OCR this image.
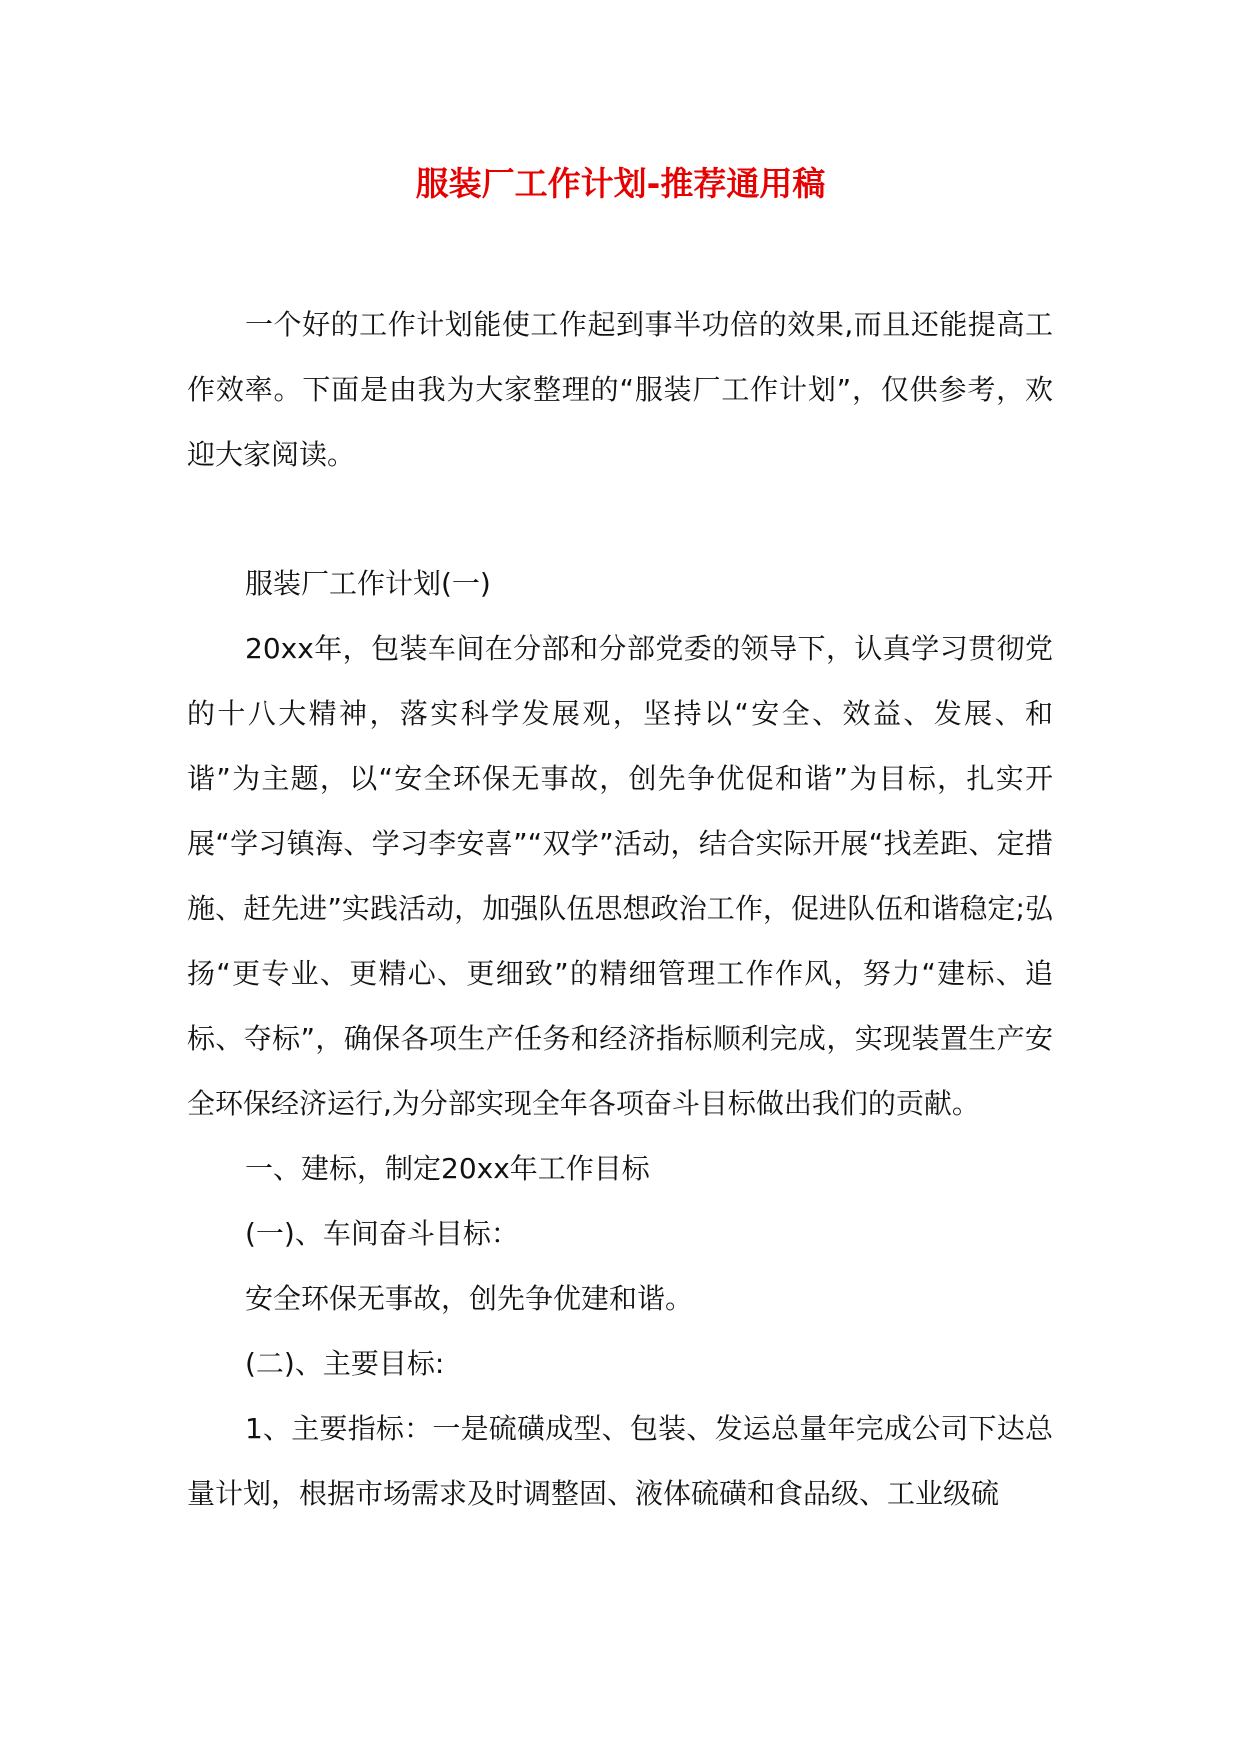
服装厂工作计划-推荐通用稿

一个好的工作计划能使工作起到事半功倍的效果,而且还能提高工作效率。下面是由我为大家整理的“服装厂工作计划”，仅供参考，欢迎大家阅读。

服装厂工作计划(一)

20xx年，包装车间在分部和分部党委的领导下，认真学习贯彻党的十八大精神，落实科学发展观，坚持以“安全、效益、发展、和谐”为主题，以“安全环保无事故，创先争优促和谐”为目标，扎实开展“学习镇海、学习李安喜”“双学”活动，结合实际开展“找差距、定措施、赶先进”实践活动，加强队伍思想政治工作，促进队伍和谐稳定;弘扬“更专业、更精心、更细致”的精细管理工作作风，努力“建标、追标、夺标”，确保各项生产任务和经济指标顺利完成，实现装置生产安全环保经济运行,为分部实现全年各项奋斗目标做出我们的贡献。

一、建标，制定20xx年工作目标

(一)、车间奋斗目标：

安全环保无事故，创先争优建和谐。

(二)、主要目标:

1、主要指标：一是硫磺成型、包装、发运总量年完成公司下达总量计划，根据市场需求及时调整固、液体硫磺和食品级、工业级硫
